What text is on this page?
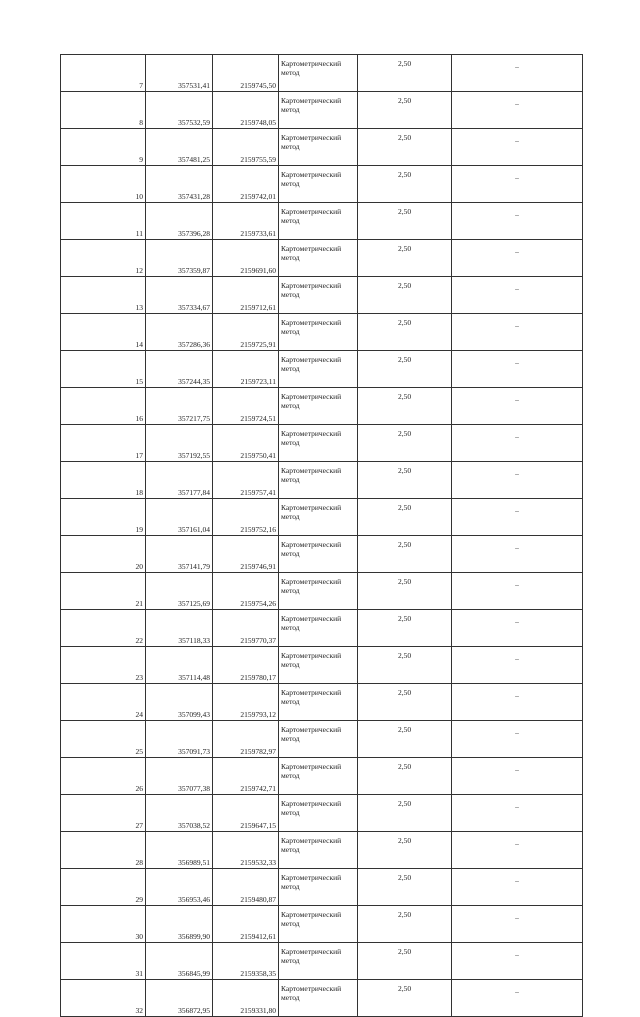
7	357531,41	2159745,50	Картометрический
метод	2,50	–
8	357532,59	2159748,05	Картометрический
метод	2,50	–
9	357481,25	2159755,59	Картометрический
метод	2,50	–
10	357431,28	2159742,01	Картометрический
метод	2,50	–
11	357396,28	2159733,61	Картометрический
метод	2,50	–
12	357359,87	2159691,60	Картометрический
метод	2,50	–
13	357334,67	2159712,61	Картометрический
метод	2,50	–
14	357286,36	2159725,91	Картометрический
метод	2,50	–
15	357244,35	2159723,11	Картометрический
метод	2,50	–
16	357217,75	2159724,51	Картометрический
метод	2,50	–
17	357192,55	2159750,41	Картометрический
метод	2,50	–
18	357177,84	2159757,41	Картометрический
метод	2,50	–
19	357161,04	2159752,16	Картометрический
метод	2,50	–
20	357141,79	2159746,91	Картометрический
метод	2,50	–
21	357125,69	2159754,26	Картометрический
метод	2,50	–
22	357118,33	2159770,37	Картометрический
метод	2,50	–
23	357114,48	2159780,17	Картометрический
метод	2,50	–
24	357099,43	2159793,12	Картометрический
метод	2,50	–
25	357091,73	2159782,97	Картометрический
метод	2,50	–
26	357077,38	2159742,71	Картометрический
метод	2,50	–
27	357038,52	2159647,15	Картометрический
метод	2,50	–
28	356989,51	2159532,33	Картометрический
метод	2,50	–
29	356953,46	2159480,87	Картометрический
метод	2,50	–
30	356899,90	2159412,61	Картометрический
метод	2,50	–
31	356845,99	2159358,35	Картометрический
метод	2,50	–
32	356872,95	2159331,80	Картометрический
метод	2,50	–
